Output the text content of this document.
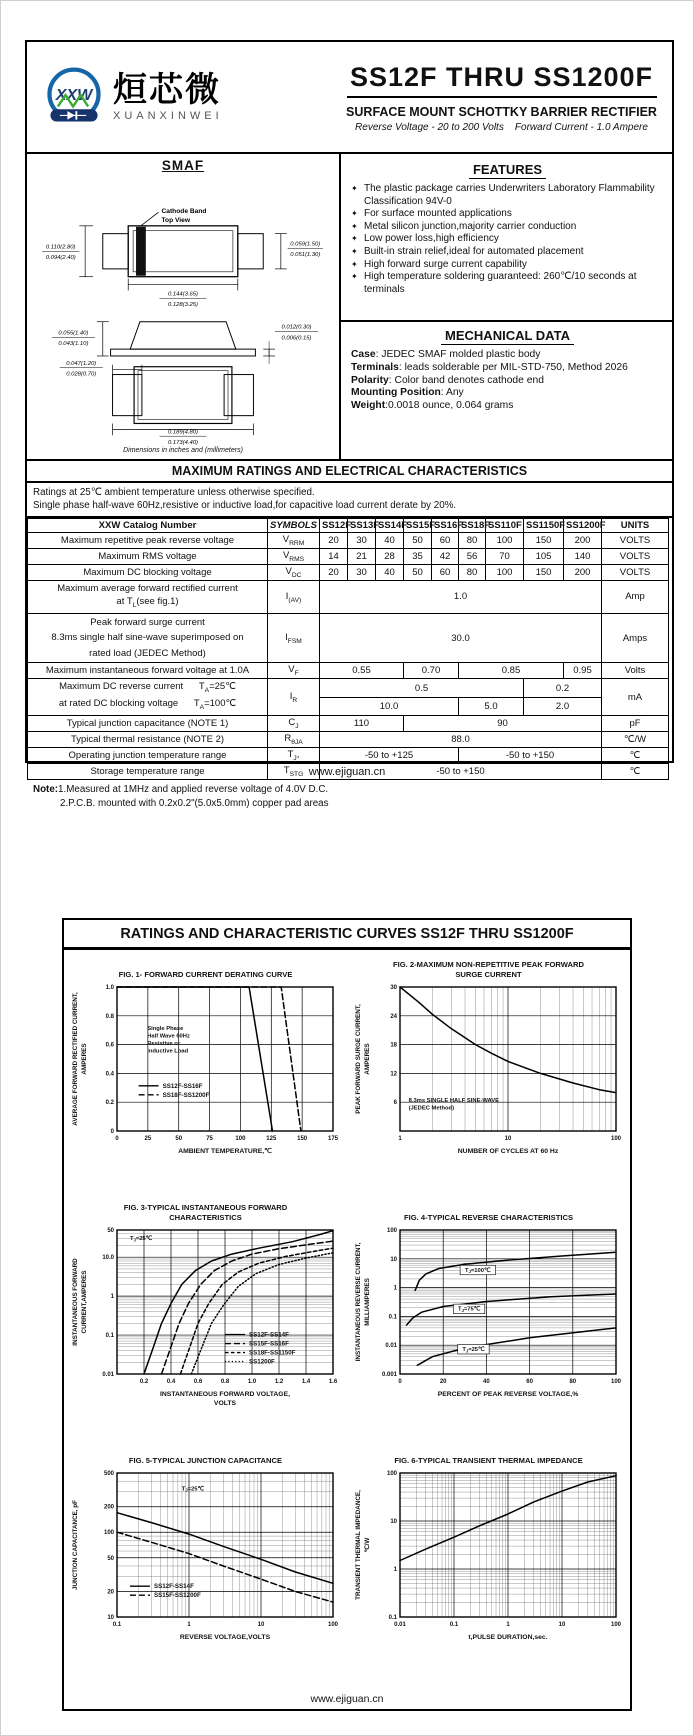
XXW 烜芯微
XUANXINWEI
SS12F THRU SS1200F
SURFACE MOUNT SCHOTTKY BARRIER RECTIFIER
Reverse Voltage - 20 to 200 Volts    Forward Current - 1.0 Ampere
SMAF
Cathode Band
Top View
0.110(2.80)
0.094(2.40)
0.059(1.50)
0.051(1.30)
0.144(3.65)
0.128(3.25)
0.055(1.40)
0.043(1.10)
0.012(0.30)
0.006(0.15)
0.047(1.20)
0.028(0.70)
0.189(4.80)
0.173(4.40)
Dimensions in inches and (millimeters)
FEATURES
✦ The plastic package carries Underwriters Laboratory Flammability Classification 94V-0
✦ For surface mounted applications
✦ Metal silicon junction,majority carrier conduction
✦ Low power loss,high efficiency
✦ Built-in strain relief,ideal for automated placement
✦ High forward surge current capability
✦ High temperature soldering guaranteed: 260℃/10 seconds at terminals
MECHANICAL DATA
Case: JEDEC SMAF molded plastic body
Terminals: leads solderable per MIL-STD-750, Method 2026
Polarity: Color band denotes cathode end
Mounting Position: Any
Weight:0.0018 ounce, 0.064 grams

MAXIMUM RATINGS AND ELECTRICAL CHARACTERISTICS
Ratings at 25℃ ambient temperature unless otherwise specified.
Single phase half-wave 60Hz,resistive or inductive load,for capacitive load current derate by 20%.
XXW Catalog Number	SYMBOLS	SS12F	SS13F	SS14F	SS15F	SS16F	SS18F	SS110F	SS1150F	SS1200F	UNITS
Maximum repetitive peak reverse voltage	$V_{RRM}$	20	30	40	50	60	80	100	150	200	VOLTS
Maximum RMS voltage	$V_{RMS}$	14	21	28	35	42	56	70	105	140	VOLTS
Maximum DC blocking voltage	$V_{DC}$	20	30	40	50	60	80	100	150	200	VOLTS
Maximum average forward rectified current
at $T_L(see$ fig.1)	$I_{(AV)}$	1.0									Amp
Peak forward surge current
8.3ms single half sine-wave superimposed on
rated load (JEDEC Method)	$I_{FSM}$	30.0									Amps
Maximum instantaneous forward voltage at 1.0A	$V_F$	0.55			0.70		0.85			0.95	Volts
Maximum DC reverse current      $T_A=25℃$
at rated DC blocking voltage      $T_A=100℃$	$I_R$	0.5							0.2		mA
		10.0					5.0		2.0		
Typical junction capacitance (NOTE 1)	$C_J$	110			90						pF
Typical thermal resistance (NOTE 2)	$R_{\theta JA}$	88.0									℃/W
Operating junction temperature range	$T_J$,	-50 to +125					-50 to +150				℃
Storage temperature range	$T_{STG}$	-50 to +150									℃
Note:1.Measured at 1MHz and applied reverse voltage of 4.0V D.C.
2.P.C.B. mounted with 0.2x0.2"(5.0x5.0mm) copper pad areas
www.ejiguan.cn
RATINGS AND CHARACTERISTIC CURVES SS12F THRU SS1200F
FIG. 1- FORWARD CURRENT DERATING CURVE
0	25	50	75	100	125	150	175
0
0.2
0.4
0.6
0.8
1.0
AMBIENT TEMPERATURE,℃
AVERAGE FORWARD RECTIFIED CURRENT, AMPERES
Single Phase
Half Wave 60Hz
Resistive or
Inductive Load
SS12F-SS16F
SS18F-SS1200F
FIG. 2-MAXIMUM NON-REPETITIVE PEAK FORWARD
SURGE CURRENT
1	10	100
6
12
18
24
30
NUMBER OF CYCLES AT 60 Hz
PEAK FORWARD SURGE CURRENT, AMPERES
8.3ms SINGLE HALF SINE-WAVE
(JEDEC Method)
FIG. 3-TYPICAL INSTANTANEOUS FORWARD
CHARACTERISTICS
0.2	0.4	0.6	0.8	1.0	1.2	1.4	1.6
0.01
0.1
1
10.0
50
INSTANTANEOUS FORWARD VOLTAGE,
VOLTS
INSTANTANEOUS FORWARD CURRENT,AMPERES
$T_J=25℃$
SS12F-SS14F
SS15F-SS16F
SS18F-SS1150F
SS1200F
FIG. 4-TYPICAL REVERSE CHARACTERISTICS
0	20	40	60	80	100
0.001
0.01
0.1
1
10
100
PERCENT OF PEAK REVERSE VOLTAGE,%
INSTANTANEOUS REVERSE CURRENT, MILLIAMPERES
$T_J=100℃$
$T_J=75℃$
$T_J=25℃$
FIG. 5-TYPICAL JUNCTION CAPACITANCE
0.1	1	10	100
10
20
50
100
200
500
REVERSE VOLTAGE,VOLTS
JUNCTION CAPACITANCE, pF
$T_J=25℃$
SS12F-SS14F
SS15F-SS1200F
FIG. 6-TYPICAL TRANSIENT THERMAL IMPEDANCE
0.01	0.1	1	10	100
0.1
1
10
100
t,PULSE DURATION,sec.
TRANSIENT THERMAL IMPEDANCE, ℃/W
www.ejiguan.cn
